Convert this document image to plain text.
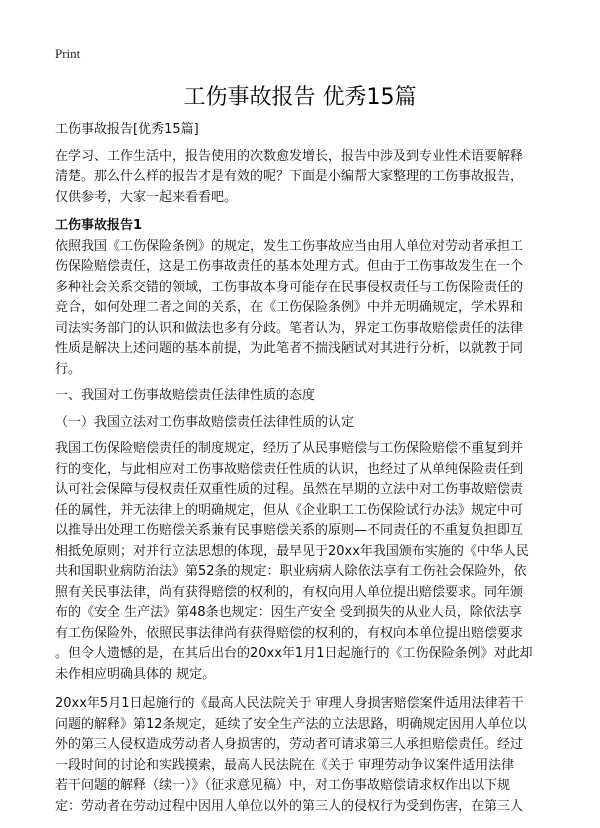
Print
工伤事故报告 优秀15篇
工伤事故报告[优秀15篇]
在学习、工作生活中，报告使用的次数愈发增长，报告中涉及到专业性术语要解释
清楚。那么什么样的报告才是有效的呢？下面是小编帮大家整理的工伤事故报告，
仅供参考，大家一起来看看吧。
工伤事故报告1
依照我国《工伤保险条例》的规定，发生工伤事故应当由用人单位对劳动者承担工
伤保险赔偿责任，这是工伤事故责任的基本处理方式。但由于工伤事故发生在一个
多种社会关系交错的领域，工伤事故本身可能存在民事侵权责任与工伤保险责任的
竞合，如何处理二者之间的关系，在《工伤保险条例》中并无明确规定，学术界和
司法实务部门的认识和做法也多有分歧。笔者认为，界定工伤事故赔偿责任的法律
性质是解决上述问题的基本前提，为此笔者不揣浅陋试对其进行分析，以就教于同
行。
一、我国对工伤事故赔偿责任法律性质的态度
（一）我国立法对工伤事故赔偿责任法律性质的认定
我国工伤保险赔偿责任的制度规定，经历了从民事赔偿与工伤保险赔偿不重复到并
行的变化，与此相应对工伤事故赔偿责任性质的认识，也经过了从单纯保险责任到
认可社会保障与侵权责任双重性质的过程。虽然在早期的立法中对工伤事故赔偿责
任的属性，并无法律上的明确规定，但从《企业职工工伤保险试行办法》规定中可
以推导出处理工伤赔偿关系兼有民事赔偿关系的原则—不同责任的不重复负担即互
相抵免原则；对并行立法思想的体现，最早见于20xx年我国颁布实施的《中华人民
共和国职业病防治法》第52条的规定：职业病病人除依法享有工伤社会保险外，依
照有关民事法律，尚有获得赔偿的权利的，有权向用人单位提出赔偿要求。同年颁
布的《安全 生产法》第48条也规定：因生产安全 受到损失的从业人员，除依法享
有工伤保险外，依照民事法律尚有获得赔偿的权利的，有权向本单位提出赔偿要求
。但令人遗憾的是，在其后出台的20xx年1月1日起施行的《工伤保险条例》对此却
未作相应明确具体的 规定。
20xx年5月1日起施行的《最高人民法院关于 审理人身损害赔偿案件适用法律若干
问题的解释》第12条规定，延续了安全生产法的立法思路，明确规定因用人单位以
外的第三人侵权造成劳动者人身损害的，劳动者可请求第三人承担赔偿责任。经过
一段时间的讨论和实践摸索，最高人民法院在《关于 审理劳动争议案件适用法律
若干问题的解释（续一）》（征求意见稿）中，对工伤事故赔偿请求权作出以下规
定：劳动者在劳动过程中因用人单位以外的第三人的侵权行为受到伤害，在第三人
